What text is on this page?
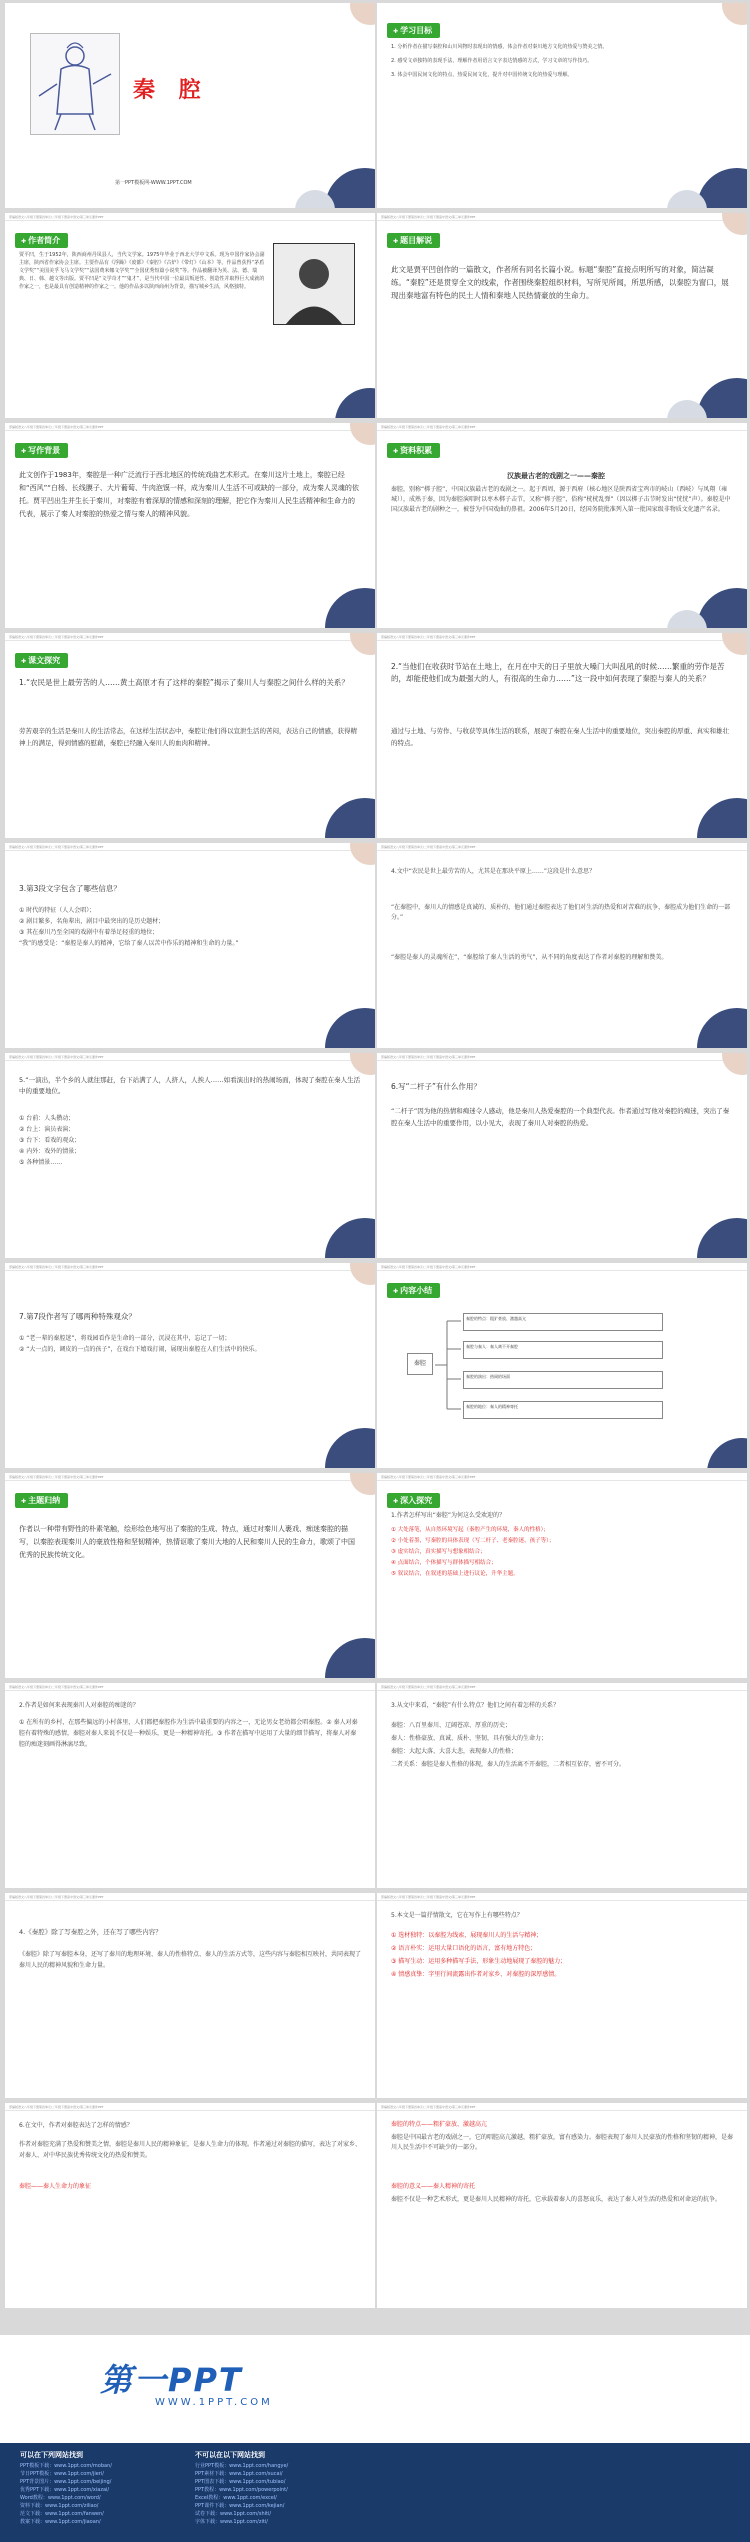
秦 腔
第一PPT模板网-WWW.1PPT.COM
✚ 学习目标
1. 分析作者在描写秦腔和山川风物时表现出的情感，体会作者对秦川地方文化的热爱与赞美之情。
2. 感受文章独特的表现手法，理解作者用语言文字表达情感的方式，学习文章的写作技巧。
3. 体会中国民间文化的特点，热爱民间文化，提升对中国传统文化的热爱与理解。
部编版语文八年级下册第四单元/二年级下册高中语文/第三单元课件PPT
✚ 作者简介
贾平凹，生于1952年，陕西商州丹凤县人，当代文学家。1975年毕业于西北大学中文系。现为中国作家协会副主席，陕西省作家协会主席。主要作品有《浮躁》《废都》《秦腔》《古炉》《带灯》《山本》等。作品曾获得“茅盾文学奖”“美国美孚飞马文学奖”“法国费米娜文学奖”“全国优秀短篇小说奖”等。作品被翻译为英、法、德、瑞典、日、韩、越文等出版。贾平凹是“文学奇才”“鬼才”，是当代中国一位最具叛逆性、创造性并取得巨大成就的作家之一，也是最具有创造精神的作家之一。他的作品多以陕西商州为背景，描写城乡生活，风格独特。
部编版语文八年级下册第四单元/二年级下册高中语文/第三单元课件PPT
✚ 题目解说
此文是贾平凹创作的一篇散文，作者所有同名长篇小说。标题“秦腔”直接点明所写的对象，简洁凝练。“秦腔”还是贯穿全文的线索，作者围绕秦腔组织材料，写所见所闻，所思所感，以秦腔为窗口，展现出秦地富有特色的民土人情和秦地人民热情豪放的生命力。
部编版语文八年级下册第四单元/二年级下册高中语文/第三单元课件PPT
✚ 写作背景
此文创作于1983年，秦腔是一种广泛流行于西北地区的传统戏曲艺术形式。在秦川这片土地上，秦腔已经和“西风”“白杨、长线膜子、大片葡萄、牛肉泡馍一样，成为秦川人生活不可或缺的一部分，成为秦人灵魂的依托。贾平凹出生并生长于秦川，对秦腔有着深厚的情感和深刻的理解，把它作为秦川人民生活精神和生命力的代表，展示了秦人对秦腔的热爱之情与秦人的精神风貌。
部编版语文八年级下册第四单元/二年级下册高中语文/第三单元课件PPT
✚ 资料积累
汉族最古老的戏剧之一——秦腔
秦腔，别称“梆子腔”，中国汉族最古老的戏剧之一。起于西周，源于西府（核心地区是陕西省宝鸡市的岐山（西岐）与凤翔（雍城）），成熟于秦，因为秦腔演唱时以枣木梆子击节，又称“梆子腔”，俗称“桄桄乱弹”（因以梆子击节时发出“恍恍”声）。秦腔是中国汉族最古老的剧种之一，被誉为中国戏曲的鼻祖。2006年5月20日，经国务院批准列入第一批国家级非物质文化遗产名录。
部编版语文八年级下册第四单元/二年级下册高中语文/第三单元课件PPT
✚ 课文探究
1.“农民是世上最劳苦的人……黄土高原才有了这样的秦腔”揭示了秦川人与秦腔之间什么样的关系？
劳苦艰辛的生活是秦川人的生活常态，在这样生活状态中，秦腔让他们得以宣泄生活的苦闷，表达自己的情感，获得精神上的满足，得到情感的慰藉，秦腔已经融入秦川人的血肉和精神。
部编版语文八年级下册第四单元/二年级下册高中语文/第三单元课件PPT
2.“当他们在收获时节站在土地上，在月在中天的日子里放大嗓门大叫乱吼的时候……繁重的劳作是苦的，却能使他们成为最强大的人，有很高的生命力……”这一段中如何表现了秦腔与秦人的关系？
通过与土地、与劳作、与收获等具体生活的联系，展现了秦腔在秦人生活中的重要地位，突出秦腔的厚重、真实和雄壮的特点。
部编版语文八年级下册第四单元/二年级下册高中语文/第三单元课件PPT
3.第3段文字包含了哪些信息？
① 时代的特征（人人会唱）；
② 剧目繁多，名角辈出，剧目中最突出的是历史题材；
③ 其在秦川乃至全国的戏剧中有着举足轻重的地位；
“我”的感受是：“秦腔是秦人的精神，它给了秦人以苦中作乐的精神和生命的力量。”
部编版语文八年级下册第四单元/二年级下册高中语文/第三单元课件PPT
4.文中“农民是世上最劳苦的人，尤其是在那块平原上……”这段是什么意思？
“在秦腔中，秦川人的情感是真诚的、质朴的，他们通过秦腔表达了他们对生活的热爱和对苦难的抗争，秦腔成为他们生命的一部分。”
“秦腔是秦人的灵魂所在”，“秦腔给了秦人生活的勇气”，从不同的角度表达了作者对秦腔的理解和赞美。
部编版语文八年级下册第四单元/二年级下册高中语文/第三单元课件PPT
5.“一演出，半个乡的人就往那赶，台下站满了人，人挤人，人挨人……如看演出时的热闹场面，体现了秦腔在秦人生活中的重要地位。
① 台前：人头攒动；
② 台上：演员表演；
③ 台下：看戏的观众；
④ 内外：戏外的情景；
⑤ 各种情景……
部编版语文八年级下册第四单元/二年级下册高中语文/第三单元课件PPT
6.写“二杆子”有什么作用？
“二杆子”因为他的热情和痴迷令人感动，他是秦川人热爱秦腔的一个典型代表。作者通过写他对秦腔的痴迷，突出了秦腔在秦人生活中的重要作用，以小见大，表现了秦川人对秦腔的热爱。
部编版语文八年级下册第四单元/二年级下册高中语文/第三单元课件PPT
7.第7段作者写了哪两种特殊观众？
① “老一辈的秦腔迷”，将戏园看作是生命的一部分，沉浸在其中，忘记了一切；
② “大一点的，调皮的一点的孩子”，在戏台下嬉戏打闹，展现出秦腔在人们生活中的快乐。
部编版语文八年级下册第四单元/二年级下册高中语文/第三单元课件PPT
✚ 内容小结
秦腔
秦腔的特点：粗犷豪放、激越高亢
秦腔与秦人：秦人离不开秦腔
秦腔的演出：热闹的场面
秦腔的地位：秦人的精神寄托
部编版语文八年级下册第四单元/二年级下册高中语文/第三单元课件PPT
✚ 主题归纳
作者以一种带有野性的朴素笔触，绘形绘色地写出了秦腔的生成、特点，通过对秦川人裹戏、痴迷秦腔的描写，以秦腔表现秦川人的豪放性格和坚韧精神，热情讴歌了秦川大地的人民和秦川人民的生命力，歌颂了中国优秀的民族传统文化。
部编版语文八年级下册第四单元/二年级下册高中语文/第三单元课件PPT
✚ 深入探究
1.作者怎样写出“秦腔”为何这么受欢迎的？
① 大处落笔，从自然环境写起（秦腔产生的环境，秦人的性格）；
② 小处着墨，写秦腔的具体表现（写二杆子、老秦腔迷、孩子等）；
③ 虚实结合，真实描写与想象相结合；
④ 点面结合，个体描写与群体描写相结合；
⑤ 叙议结合，在叙述的基础上进行议论，升华主题。
部编版语文八年级下册第四单元/二年级下册高中语文/第三单元课件PPT
2.作者是如何来表现秦川人对秦腔的痴迷的？
① 在所有的乡村，在那些偏远的小村落里，人们都把秦腔作为生活中最重要的内容之一，无论男女老幼都会唱秦腔。② 秦人对秦腔有着特殊的感情，秦腔对秦人来说不仅是一种娱乐，更是一种精神寄托。③ 作者在描写中运用了大量的细节描写，将秦人对秦腔的痴迷刻画得淋漓尽致。
部编版语文八年级下册第四单元/二年级下册高中语文/第三单元课件PPT
3.从文中来看，“秦腔”有什么特点？他们之间有着怎样的关系？
秦腔：八百里秦川、辽阔苍凉、厚重的历史；
秦人：性格豪放、真诚、质朴、坚韧，具有强大的生命力；
秦腔：大起大落、大喜大悲，表现秦人的性格；
二者关系：秦腔是秦人性格的体现，秦人的生活离不开秦腔，二者相互依存，密不可分。
部编版语文八年级下册第四单元/二年级下册高中语文/第三单元课件PPT
4.《秦腔》除了写秦腔之外，还在写了哪些内容？
《秦腔》除了写秦腔本身，还写了秦川的地理环境、秦人的性格特点、秦人的生活方式等，这些内容与秦腔相互映衬，共同表现了秦川人民的精神风貌和生命力量。
部编版语文八年级下册第四单元/二年级下册高中语文/第三单元课件PPT
5.本文是一篇抒情散文，它在写作上有哪些特点？
① 选材独特：以秦腔为线索，展现秦川人的生活与精神；
② 语言朴实：运用大量口语化的语言，富有地方特色；
③ 描写生动：运用多种描写手法，形象生动地展现了秦腔的魅力；
④ 情感真挚：字里行间流露出作者对家乡、对秦腔的深厚感情。
部编版语文八年级下册第四单元/二年级下册高中语文/第三单元课件PPT
6.在文中，作者对秦腔表达了怎样的情感？
作者对秦腔充满了热爱和赞美之情，秦腔是秦川人民的精神象征，是秦人生命力的体现。作者通过对秦腔的描写，表达了对家乡、对秦人、对中华民族优秀传统文化的热爱和赞美。
秦腔——秦人生命力的象征
部编版语文八年级下册第四单元/二年级下册高中语文/第三单元课件PPT
秦腔的特点——粗犷豪放、激越高亢
秦腔是中国最古老的戏剧之一，它的唱腔高亢激越，粗犷豪放，富有感染力。秦腔表现了秦川人民豪放的性格和坚韧的精神，是秦川人民生活中不可缺少的一部分。
秦腔的意义——秦人精神的寄托
秦腔不仅是一种艺术形式，更是秦川人民精神的寄托，它承载着秦人的喜怒哀乐，表达了秦人对生活的热爱和对命运的抗争。
第一PPT
WWW.1PPT.COM
可以在下列网站找到
PPT模板下载：www.1ppt.com/moban/
节日PPT模板：www.1ppt.com/jieri/
PPT背景图片：www.1ppt.com/beijing/
优秀PPT下载：www.1ppt.com/xiazai/
Word教程：www.1ppt.com/word/
资料下载：www.1ppt.com/ziliao/
范文下载：www.1ppt.com/fanwen/
教案下载：www.1ppt.com/jiaoan/
不可以在以下网站找到
行业PPT模板：www.1ppt.com/hangye/
PPT素材下载：www.1ppt.com/sucai/
PPT图表下载：www.1ppt.com/tubiao/
PPT教程：www.1ppt.com/powerpoint/
Excel教程：www.1ppt.com/excel/
PPT课件下载：www.1ppt.com/kejian/
试卷下载：www.1ppt.com/shiti/
字体下载：www.1ppt.com/ziti/
